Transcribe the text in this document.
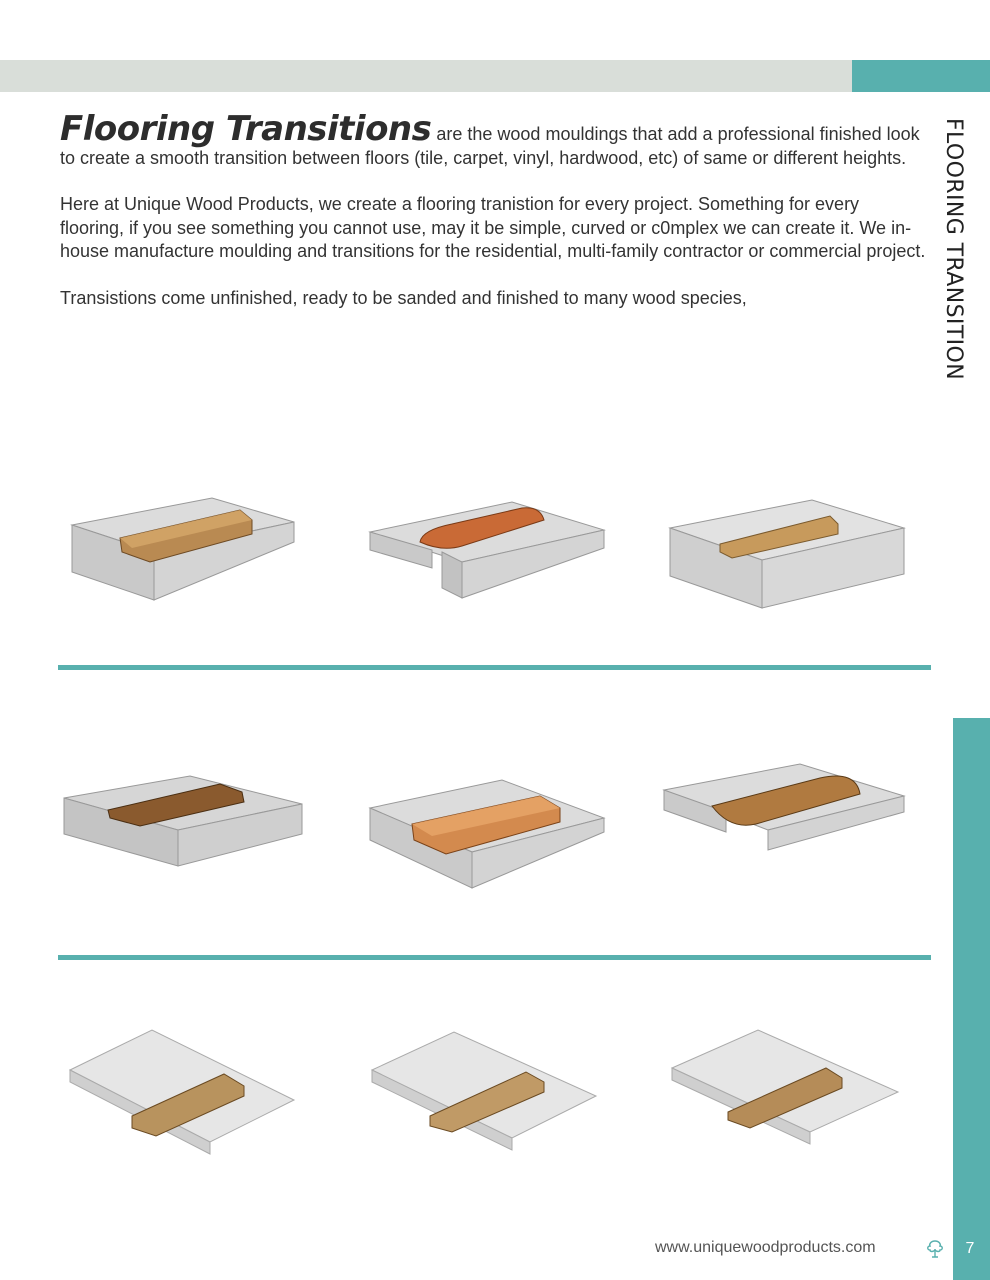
FLOORING TRANSITION

Flooring Transitions are the wood mouldings that add a professional finished look to create a smooth transition between floors (tile, carpet, vinyl, hardwood, etc) of same or different heights.

Here at Unique Wood Products, we create a flooring tranistion for every project. Something for every flooring, if you see something you cannot use, may it be simple, curved or c0mplex we can create it. We in-house manufacture moulding and transitions for the residential, multi-family contractor or commercial project.

Transistions come unfinished, ready to be sanded and finished to many wood species,

www.uniquewoodproducts.com	7
